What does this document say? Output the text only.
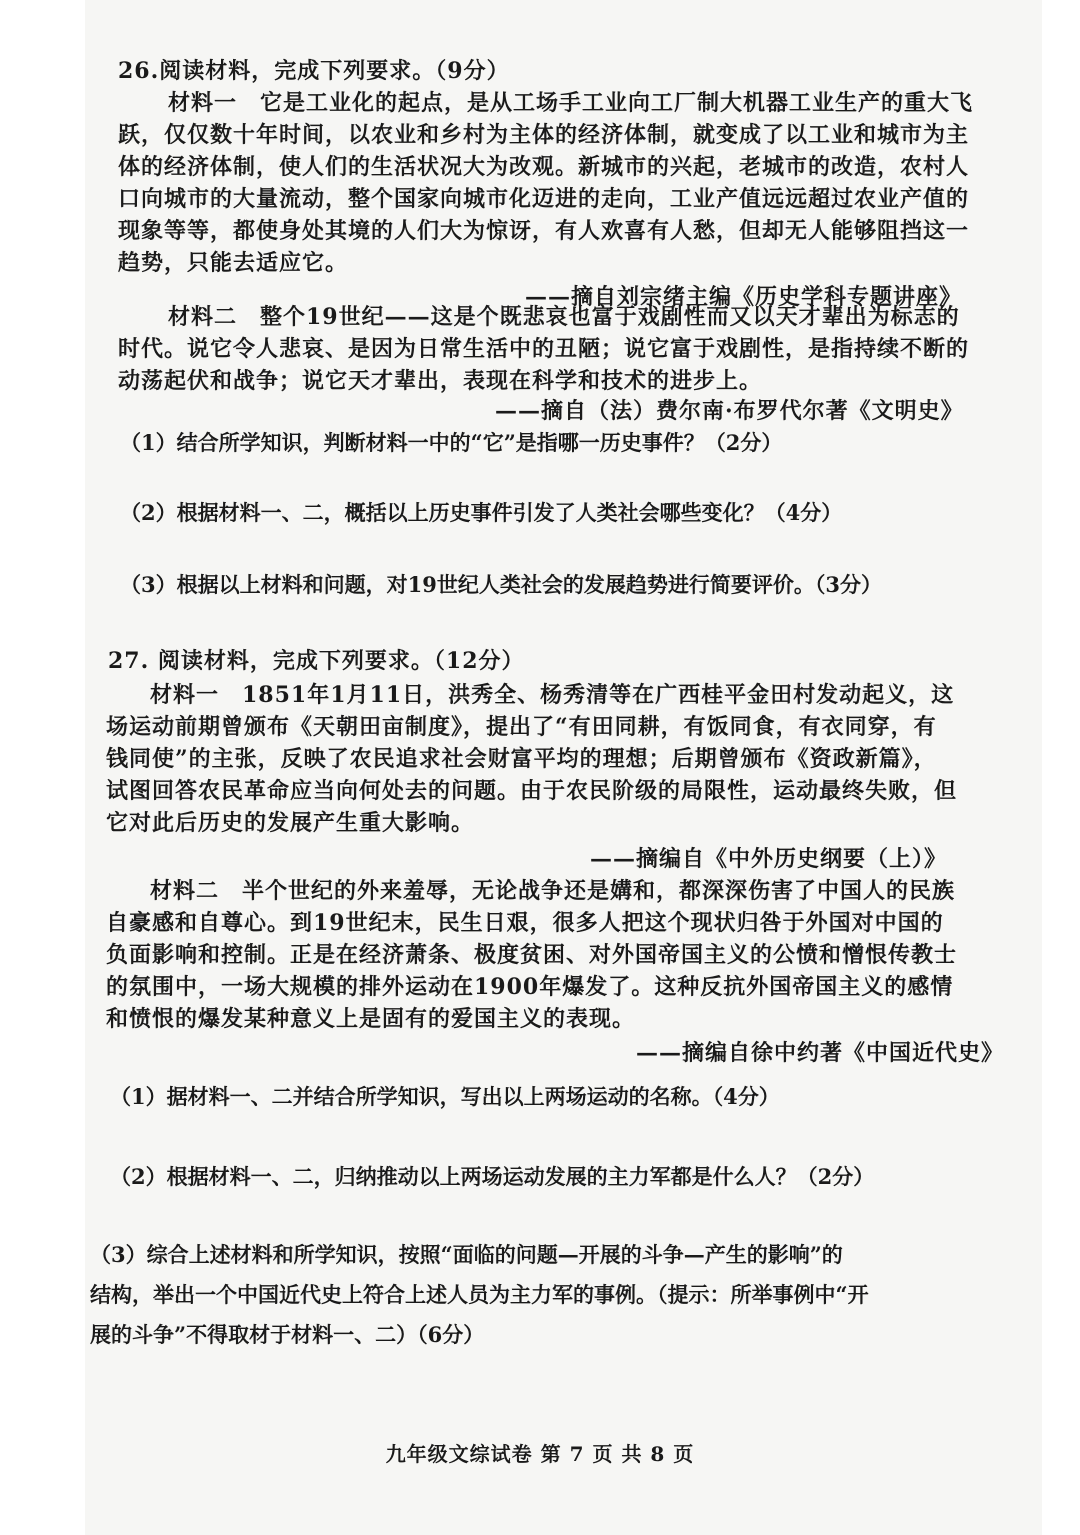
26.阅读材料，完成下列要求。（9分）
材料一　它是工业化的起点，是从工场手工业向工厂制大机器工业生产的重大飞
跃，仅仅数十年时间，以农业和乡村为主体的经济体制，就变成了以工业和城市为主
体的经济体制，使人们的生活状况大为改观。新城市的兴起，老城市的改造，农村人
口向城市的大量流动，整个国家向城市化迈进的走向，工业产值远远超过农业产值的
现象等等，都使身处其境的人们大为惊讶，有人欢喜有人愁，但却无人能够阻挡这一
趋势，只能去适应它。
——摘自刘宗绪主编《历史学科专题讲座》
材料二　整个19世纪——这是个既悲哀也富于戏剧性而又以天才辈出为标志的
时代。说它令人悲哀、是因为日常生活中的丑陋；说它富于戏剧性，是指持续不断的
动荡起伏和战争；说它天才辈出，表现在科学和技术的进步上。
——摘自（法）费尔南·布罗代尔著《文明史》
（1）结合所学知识，判断材料一中的“它”是指哪一历史事件？（2分）
（2）根据材料一、二，概括以上历史事件引发了人类社会哪些变化？（4分）
（3）根据以上材料和问题，对19世纪人类社会的发展趋势进行简要评价。（3分）
27. 阅读材料，完成下列要求。（12分）
材料一　1851年1月11日，洪秀全、杨秀清等在广西桂平金田村发动起义，这
场运动前期曾颁布《天朝田亩制度》，提出了“有田同耕，有饭同食，有衣同穿，有
钱同使”的主张，反映了农民追求社会财富平均的理想；后期曾颁布《资政新篇》，
试图回答农民革命应当向何处去的问题。由于农民阶级的局限性，运动最终失败，但
它对此后历史的发展产生重大影响。
——摘编自《中外历史纲要（上）》
材料二　半个世纪的外来羞辱，无论战争还是媾和，都深深伤害了中国人的民族
自豪感和自尊心。到19世纪末，民生日艰，很多人把这个现状归咎于外国对中国的
负面影响和控制。正是在经济萧条、极度贫困、对外国帝国主义的公愤和憎恨传教士
的氛围中，一场大规模的排外运动在1900年爆发了。这种反抗外国帝国主义的感情
和愤恨的爆发某种意义上是固有的爱国主义的表现。
——摘编自徐中约著《中国近代史》
（1）据材料一、二并结合所学知识，写出以上两场运动的名称。（4分）
（2）根据材料一、二，归纳推动以上两场运动发展的主力军都是什么人？（2分）
（3）综合上述材料和所学知识，按照“面临的问题—开展的斗争—产生的影响”的
结构，举出一个中国近代史上符合上述人员为主力军的事例。（提示：所举事例中“开
展的斗争”不得取材于材料一、二）（6分）
九年级文综试卷 第 7 页 共 8 页
